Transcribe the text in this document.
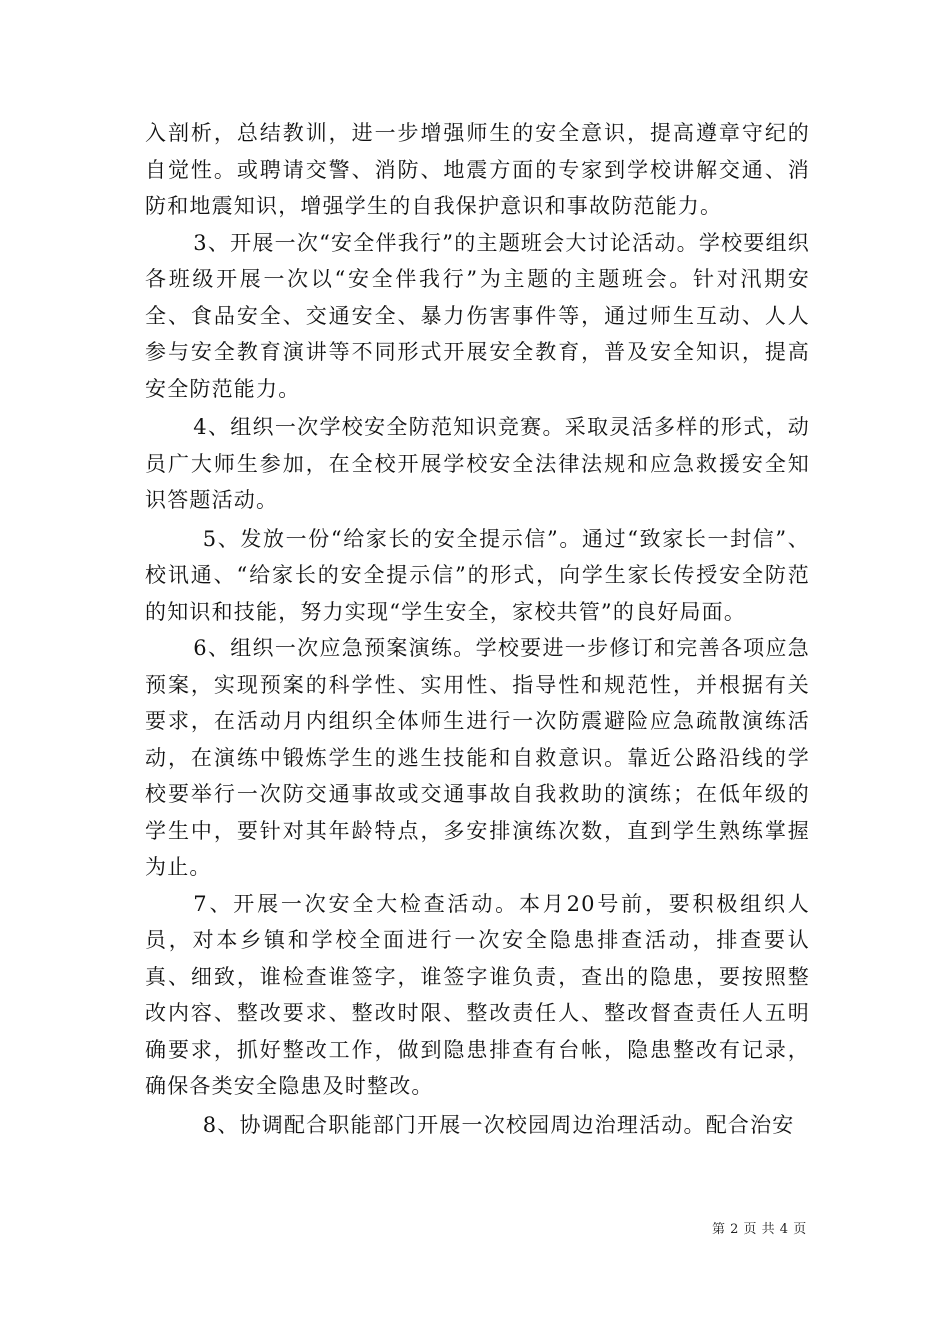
入剖析，总结教训，进一步增强师生的安全意识，提高遵章守纪的自觉性。或聘请交警、消防、地震方面的专家到学校讲解交通、消防和地震知识，增强学生的自我保护意识和事故防范能力。

3、开展一次“安全伴我行”的主题班会大讨论活动。学校要组织各班级开展一次以“安全伴我行”为主题的主题班会。针对汛期安全、食品安全、交通安全、暴力伤害事件等，通过师生互动、人人参与安全教育演讲等不同形式开展安全教育，普及安全知识，提高安全防范能力。

4、组织一次学校安全防范知识竞赛。采取灵活多样的形式，动员广大师生参加，在全校开展学校安全法律法规和应急救援安全知识答题活动。

5、发放一份“给家长的安全提示信”。通过“致家长一封信”、校讯通、“给家长的安全提示信”的形式，向学生家长传授安全防范的知识和技能，努力实现“学生安全，家校共管”的良好局面。

6、组织一次应急预案演练。学校要进一步修订和完善各项应急预案，实现预案的科学性、实用性、指导性和规范性，并根据有关要求，在活动月内组织全体师生进行一次防震避险应急疏散演练活动，在演练中锻炼学生的逃生技能和自救意识。靠近公路沿线的学校要举行一次防交通事故或交通事故自我救助的演练；在低年级的学生中，要针对其年龄特点，多安排演练次数，直到学生熟练掌握为止。

7、开展一次安全大检查活动。本月20号前，要积极组织人员，对本乡镇和学校全面进行一次安全隐患排查活动，排查要认真、细致，谁检查谁签字，谁签字谁负责，查出的隐患，要按照整改内容、整改要求、整改时限、整改责任人、整改督查责任人五明确要求，抓好整改工作，做到隐患排查有台帐，隐患整改有记录，确保各类安全隐患及时整改。

8、协调配合职能部门开展一次校园周边治理活动。配合治安

第 2 页 共 4 页
